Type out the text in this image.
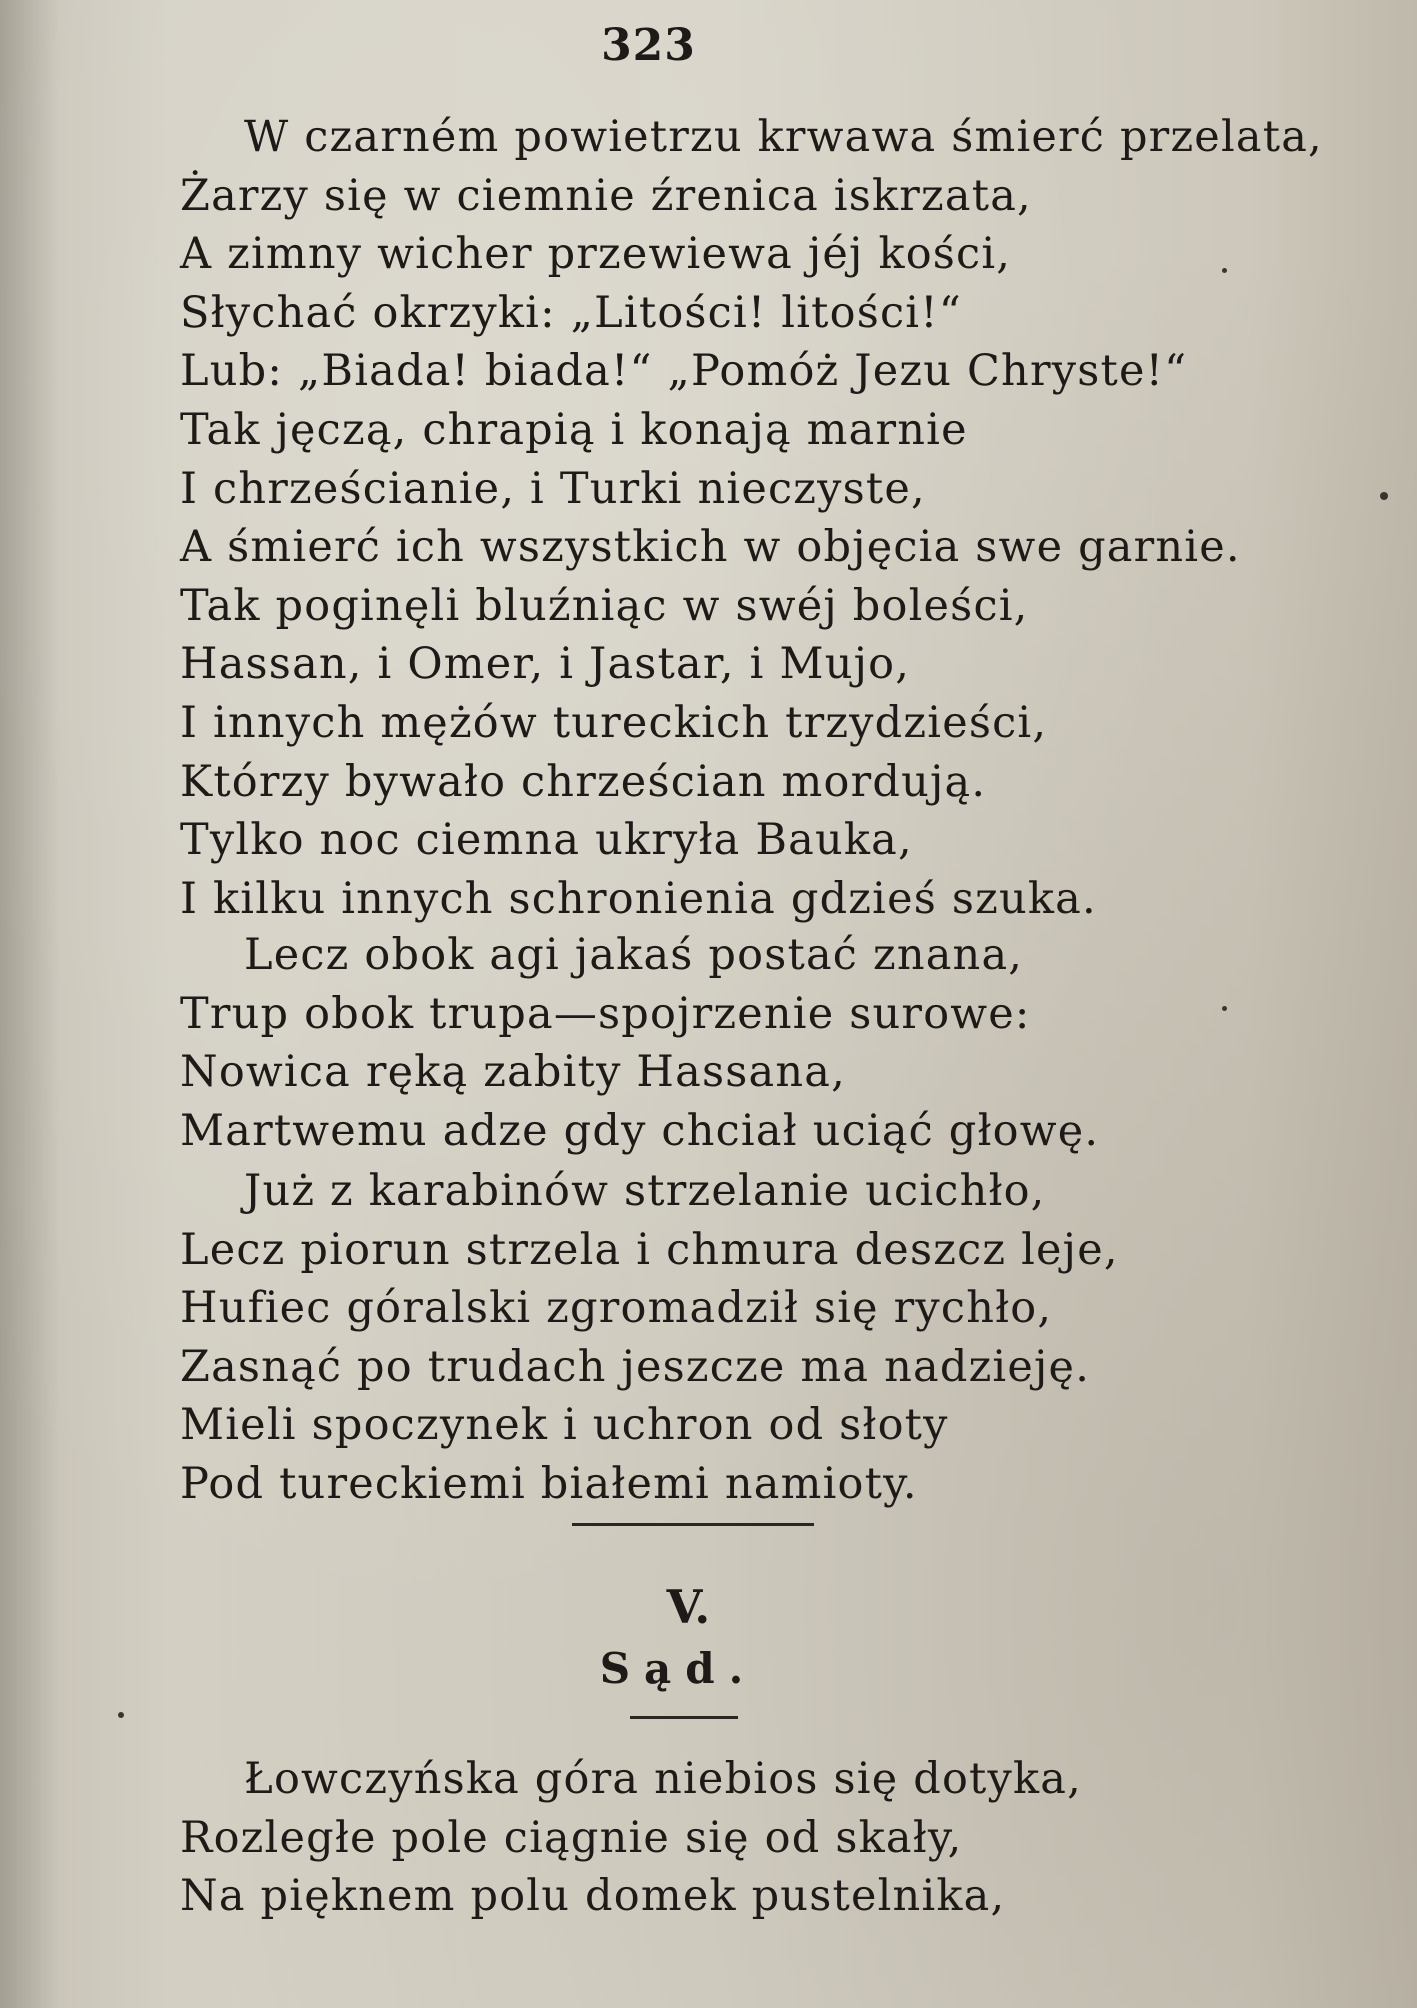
323
W czarném powietrzu krwawa śmierć przelata,
Żarzy się w ciemnie źrenica iskrzata,
A zimny wicher przewiewa jéj kości,
Słychać okrzyki: „Litości! litości!“
Lub: „Biada! biada!“ „Pomóż Jezu Chryste!“
Tak jęczą, chrapią i konają marnie
I chrześcianie, i Turki nieczyste,
A śmierć ich wszystkich w objęcia swe garnie.
Tak poginęli bluźniąc w swéj boleści,
Hassan, i Omer, i Jastar, i Mujo,
I innych mężów tureckich trzydzieści,
Którzy bywało chrześcian mordują.
Tylko noc ciemna ukryła Bauka,
I kilku innych schronienia gdzieś szuka.
Lecz obok agi jakaś postać znana,
Trup obok trupa—spojrzenie surowe:
Nowica ręką zabity Hassana,
Martwemu adze gdy chciał uciąć głowę.
Już z karabinów strzelanie ucichło,
Lecz piorun strzela i chmura deszcz leje,
Hufiec góralski zgromadził się rychło,
Zasnąć po trudach jeszcze ma nadzieję.
Mieli spoczynek i uchron od słoty
Pod tureckiemi białemi namioty.
V.
Sąd.
Łowczyńska góra niebios się dotyka,
Rozległe pole ciągnie się od skały,
Na pięknem polu domek pustelnika,
